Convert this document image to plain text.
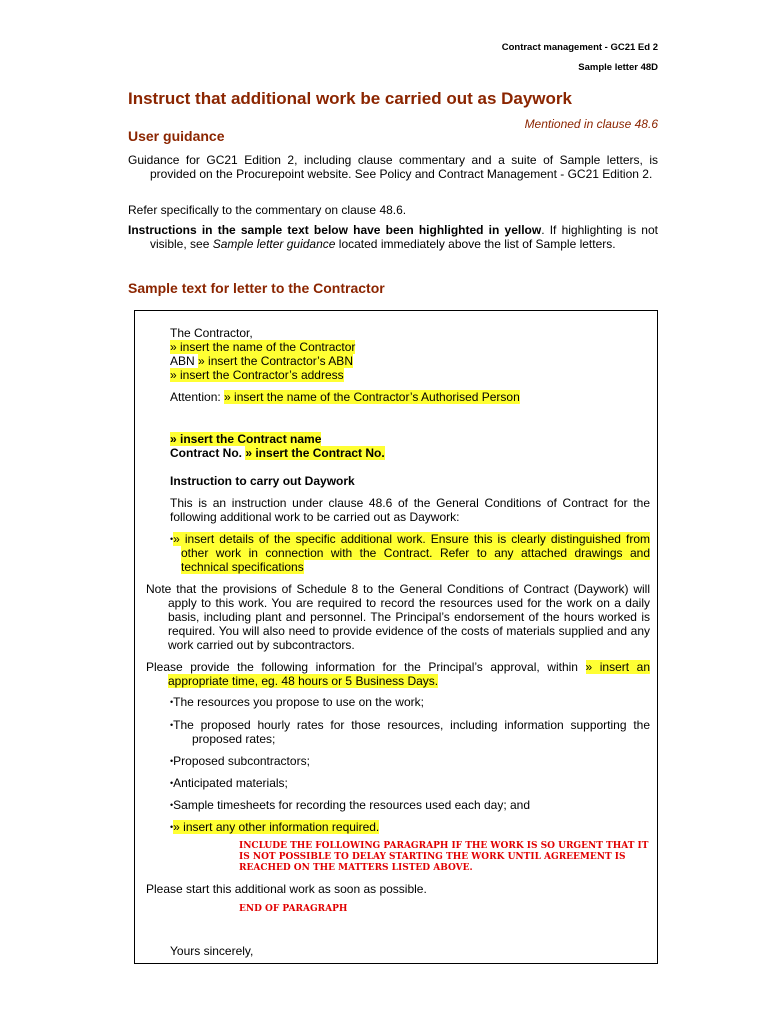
Contract management - GC21 Ed 2
Sample letter 48D
Instruct that additional work be carried out as Daywork
Mentioned in clause 48.6
User guidance
Guidance for GC21 Edition 2, including clause commentary and a suite of Sample letters, is provided on the Procurepoint website. See Policy and Contract Management - GC21 Edition 2.
Refer specifically to the commentary on clause 48.6.
Instructions in the sample text below have been highlighted in yellow. If highlighting is not visible, see Sample letter guidance located immediately above the list of Sample letters.
Sample text for letter to the Contractor
The Contractor,
» insert the name of the Contractor
ABN » insert the Contractor’s ABN
» insert the Contractor’s address
Attention: » insert the name of the Contractor’s Authorised Person
» insert the Contract name
Contract No. » insert the Contract No.
Instruction to carry out Daywork
This is an instruction under clause 48.6 of the General Conditions of Contract for the following additional work to be carried out as Daywork:
•» insert details of the specific additional work. Ensure this is clearly distinguished from other work in connection with the Contract. Refer to any attached drawings and technical specifications
Note that the provisions of Schedule 8 to the General Conditions of Contract (Daywork) will apply to this work. You are required to record the resources used for the work on a daily basis, including plant and personnel. The Principal’s endorsement of the hours worked is required. You will also need to provide evidence of the costs of materials supplied and any work carried out by subcontractors.
Please provide the following information for the Principal’s approval, within » insert an appropriate time, eg. 48 hours or 5 Business Days.
•The resources you propose to use on the work;
•The proposed hourly rates for those resources, including information supporting the proposed rates;
•Proposed subcontractors;
•Anticipated materials;
•Sample timesheets for recording the resources used each day; and
•» insert any other information required.
INCLUDE THE FOLLOWING PARAGRAPH IF THE WORK IS SO URGENT THAT IT IS NOT POSSIBLE TO DELAY STARTING THE WORK UNTIL AGREEMENT IS REACHED ON THE MATTERS LISTED ABOVE.
Please start this additional work as soon as possible.
END OF PARAGRAPH
Yours sincerely,
